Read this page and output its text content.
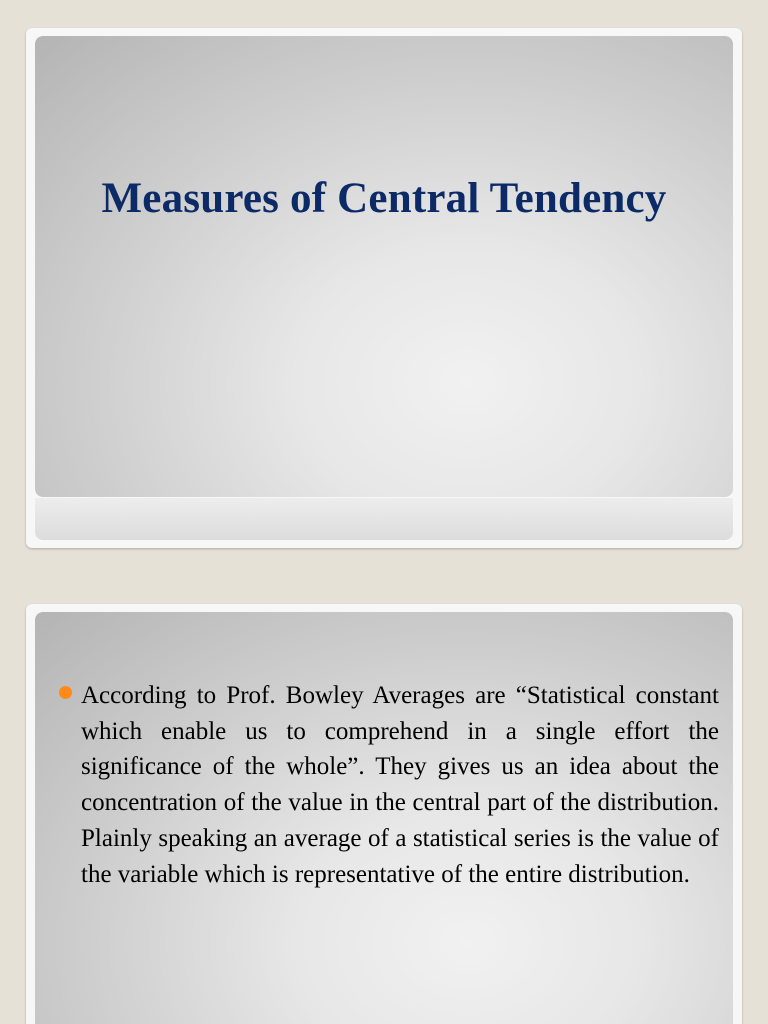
Measures of Central Tendency

According to Prof. Bowley Averages are “Statistical constant which enable us to comprehend in a single effort the significance of the whole”. They gives us an idea about the concentration of the value in the central part of the distribution. Plainly speaking an average of a statistical series is the value of the variable which is representative of the entire distribution.
